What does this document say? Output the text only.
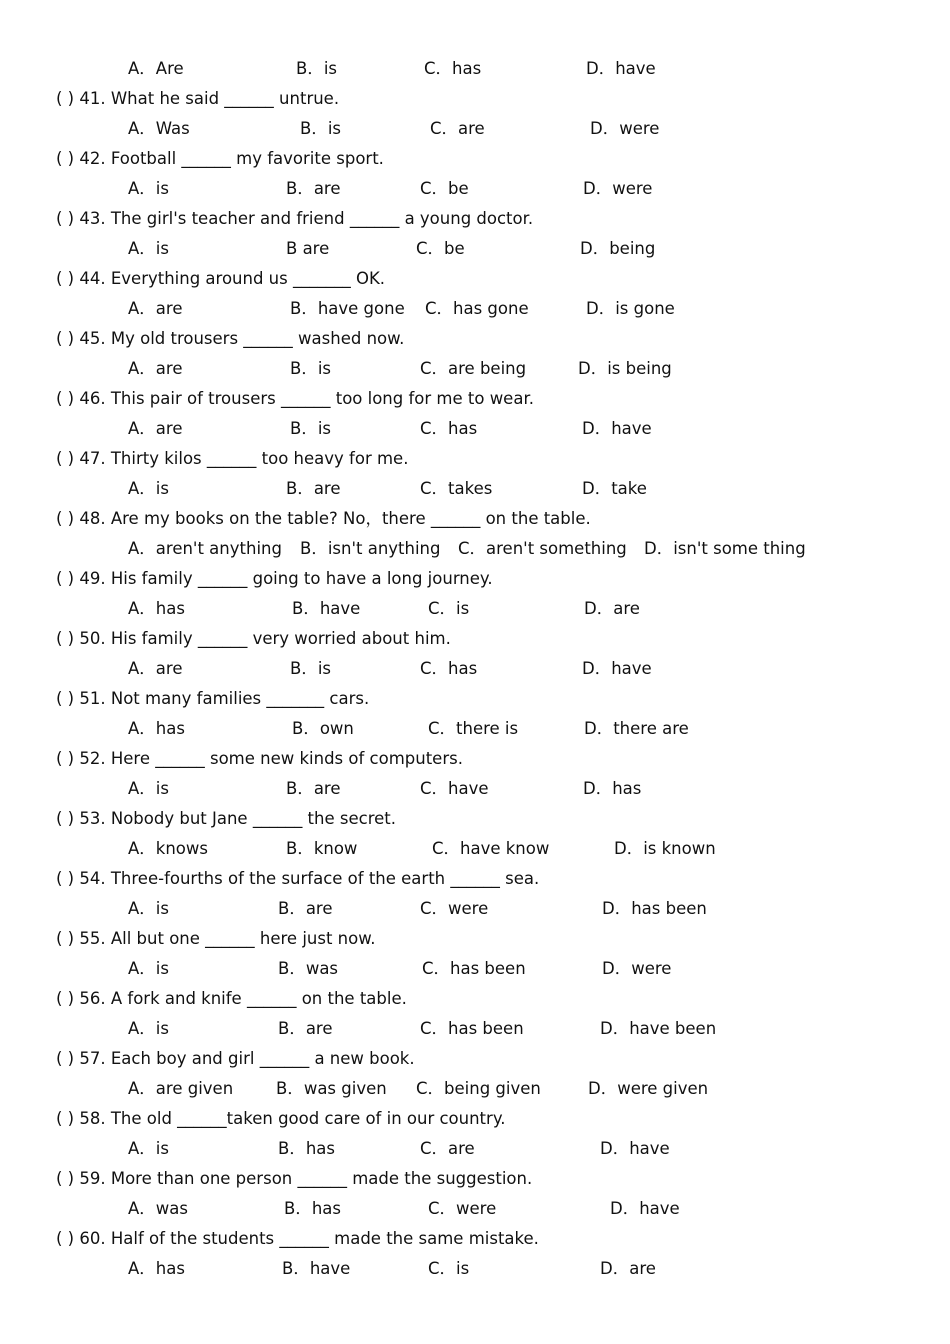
A．Are	B．is	C．has	D．have
( ) 41. What he said ______ untrue.
A．Was	B．is	C．are	D．were
( ) 42. Football ______ my favorite sport.
A．is	B．are	C．be	D．were
( ) 43. The girl's teacher and friend ______ a young doctor.
A．is	B are	C．be	D．being
( ) 44. Everything around us _______ OK.
A．are	B．have gone C．has gone	D．is gone
( ) 45. My old trousers ______ washed now.
A．are	B．is	C．are being	D．is being
( ) 46. This pair of trousers ______ too long for me to wear.
A．are	B．is	C．has	D．have
( ) 47. Thirty kilos ______ too heavy for me.
A．is	B．are	C．takes	D．take
( ) 48. Are my books on the table? No，there ______ on the table.
A．aren't anything B．isn't anything C．aren't something D．isn't some thing
( ) 49. His family ______ going to have a long journey.
A．has	B．have	C．is	D．are
( ) 50. His family ______ very worried about him.
A．are	B．is	C．has	D．have
( ) 51. Not many families _______ cars.
A．has	B．own	C．there is	D．there are
( ) 52. Here ______ some new kinds of computers.
A．is	B．are	C．have	D．has
( ) 53. Nobody but Jane ______ the secret.
A．knows	B．know	C．have know	D．is known
( ) 54. Three-fourths of the surface of the earth ______ sea.
A．is	B．are	C．were	D．has been
( ) 55. All but one ______ here just now.
A．is	B．was	C．has been	D．were
( ) 56. A fork and knife ______ on the table.
A．is	B．are	C．has been	D．have been
( ) 57. Each boy and girl ______ a new book.
A．are given	B．was given C．being given	D．were given
( ) 58. The old ______taken good care of in our country.
A．is	B．has	C．are	D．have
( ) 59. More than one person ______ made the suggestion.
A．was	B．has	C．were	D．have
( ) 60. Half of the students ______ made the same mistake.
A．has	B．have	C．is	D．are
